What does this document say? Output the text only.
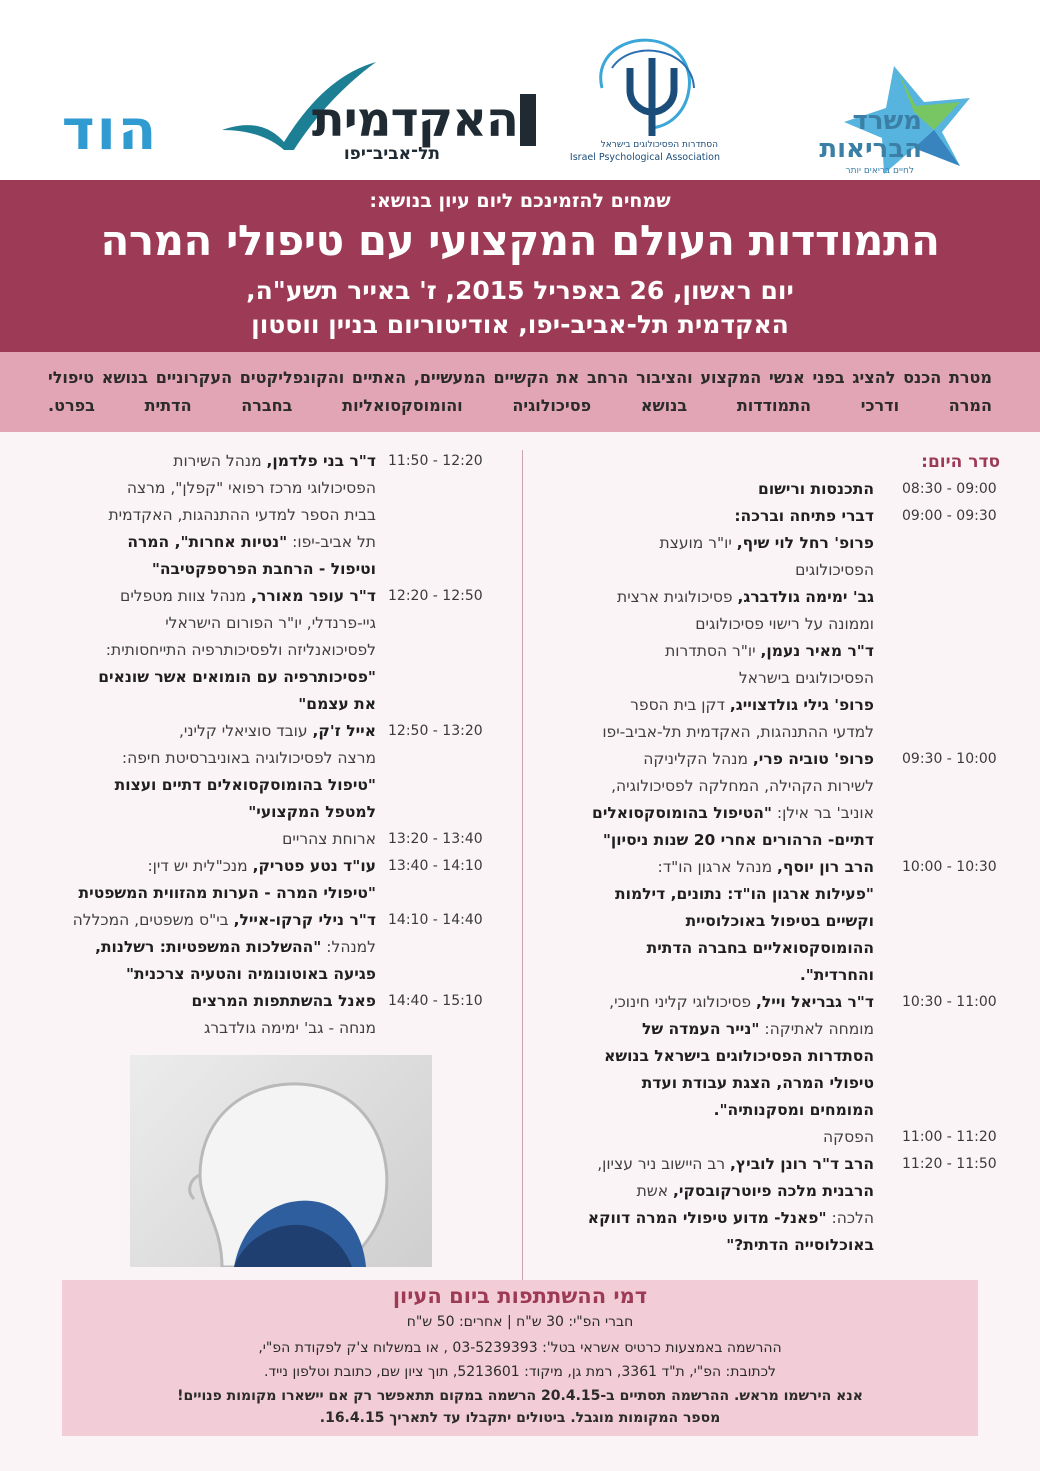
משרד
הבריאות
לחיים בריאים יותר
הסתדרות הפסיכולוגים בישראל
Israel Psychological Association
האקדמית
תל־אביב־יפו
הוד
שמחים להזמינכם ליום עיון בנושא:
התמודדות העולם המקצועי עם טיפולי המרה
יום ראשון, 26 באפריל 2015, ז' באייר תשע"ה,
האקדמית תל-אביב-יפו, אודיטוריום בניין ווסטון

מטרת הכנס להציג בפני אנשי המקצוע והציבור הרחב את הקשיים המעשיים, האתיים והקונפליקטים העקרוניים בנושא טיפולי המרה ודרכי התמודדות בנושא פסיכולוגיה והומוסקסואליות בחברה הדתית בפרט.

סדר היום:
08:30 - 09:00
התכנסות ורישום
09:00 - 09:30
דברי פתיחה וברכה:
פרופ' רחל לוי שיף, יו"ר מועצת
הפסיכולוגים
גב' ימימה גולדברג, פסיכולוגית ארצית
וממונה על רישוי פסיכולוגים
ד"ר מאיר נעמן, יו"ר הסתדרות
הפסיכולוגים בישראל
פרופ' גילי גולדצוייג, דקן בית הספר
למדעי ההתנהגות, האקדמית תל-אביב-יפו
09:30 - 10:00
פרופ' טוביה פרי, מנהל הקליניקה
לשירות הקהילה, המחלקה לפסיכולוגיה,
אוניב' בר אילן: "הטיפול בהומוסקסואלים
דתיים- הרהורים אחרי 20 שנות ניסיון"
10:00 - 10:30
הרב רון יוסף, מנהל ארגון הו"ד:
"פעילות ארגון הו"ד: נתונים, דילמות
וקשיים בטיפול באוכלוסיית
ההומוסקסואליים בחברה הדתית
והחרדית".
10:30 - 11:00
ד"ר גבריאל וייל, פסיכולוגי קליני חינוכי,
מומחה לאתיקה: "נייר העמדה של
הסתדרות הפסיכולוגים בישראל בנושא
טיפולי המרה, הצגת עבודת ועדת
המומחים ומסקנותיה".
11:00 - 11:20
הפסקה
11:20 - 11:50
הרב ד"ר רונן לוביץ, רב היישוב ניר עציון,
הרבנית מלכה פיוטרקובסקי, אשת
הלכה: "פאנל- מדוע טיפולי המרה דווקא
באוכלוסייה הדתית?"
11:50 - 12:20
ד"ר בני פלדמן, מנהל השירות
הפסיכולוגי מרכז רפואי "קפלן", מרצה
בבית הספר למדעי ההתנהגות, האקדמית
תל אביב-יפו: "נטיות אחרות", המרה
וטיפול - הרחבת הפרספקטיבה"
12:20 - 12:50
ד"ר עופר מאורר, מנהל צוות מטפלים
גיי-פרנדלי, יו"ר הפורום הישראלי
לפסיכואנליזה ולפסיכותרפיה התייחסותית:
"פסיכותרפיה עם הומואים אשר שונאים
את עצמם"
12:50 - 13:20
אייל ז'ק, עובד סוציאלי קליני,
מרצה לפסיכולוגיה באוניברסיטת חיפה:
"טיפול בהומוסקסואלים דתיים ועצות
למטפל המקצועי"
13:20 - 13:40
ארוחת צהריים
13:40 - 14:10
עו"ד נטע פטריק, מנכ"לית יש דין:
"טיפולי המרה - הערות מהזווית המשפטית
14:10 - 14:40
ד"ר נילי קרקו-אייל, בי"ס משפטים, המכללה
למנהל: "ההשלכות המשפטיות: רשלנות,
פגיעה באוטונומיה והטעיה צרכנית"
14:40 - 15:10
פאנל בהשתתפות המרצים
מנחה - גב' ימימה גולדברג
דמי ההשתתפות ביום העיון
חברי הפ"י: 30 ש"ח | אחרים: 50 ש"ח
ההרשמה באמצעות כרטיס אשראי בטל': 03-5239393 , או במשלוח צ'ק לפקודת הפ"י,
לכתובת: הפ"י, ת"ד 3361, רמת גן, מיקוד: 5213601, תוך ציון שם, כתובת וטלפון נייד.
אנא הירשמו מראש. ההרשמה תסתיים ב-20.4.15 הרשמה במקום תתאפשר רק אם יישארו מקומות פנויים!
מספר המקומות מוגבל. ביטולים יתקבלו עד לתאריך 16.4.15.
